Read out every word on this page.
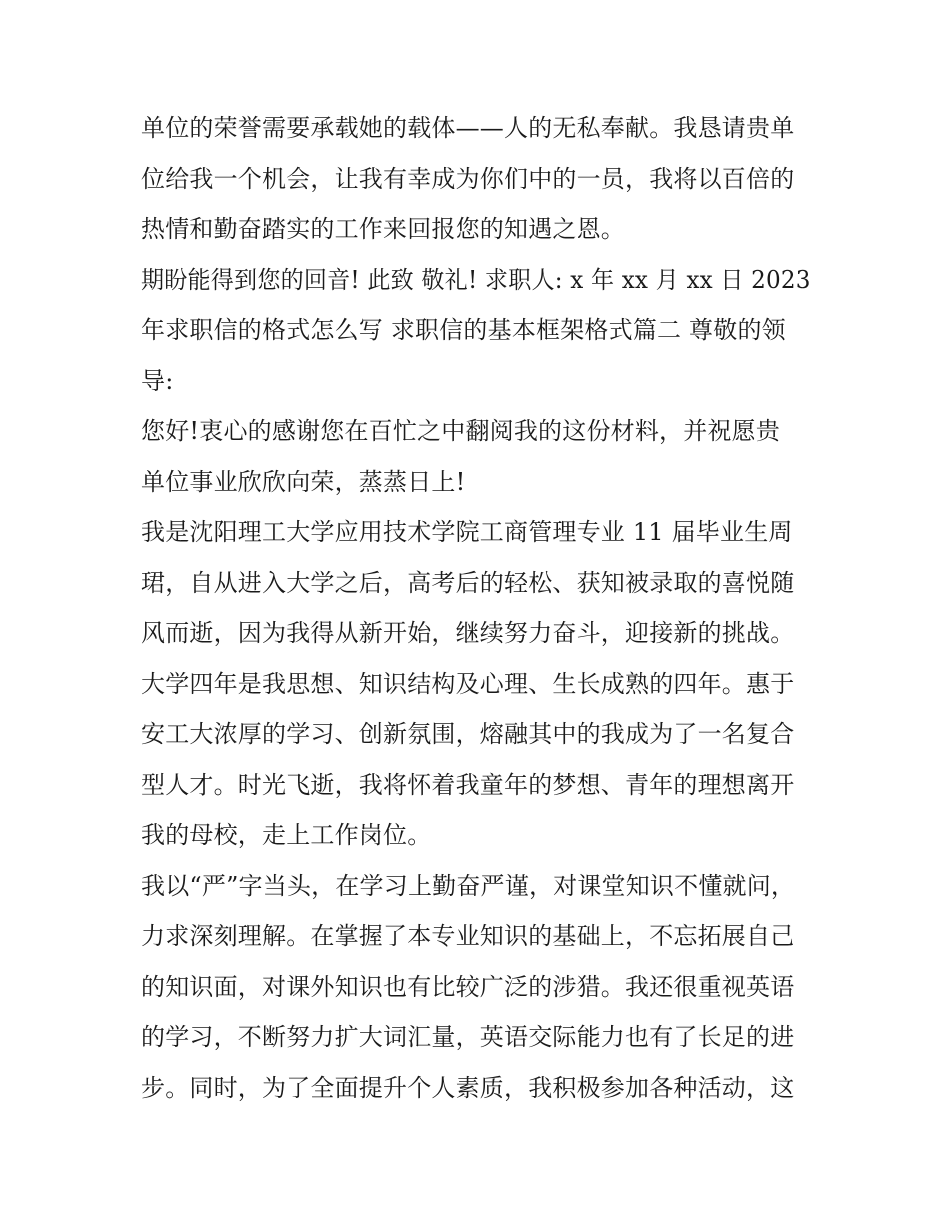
单位的荣誉需要承载她的载体——人的无私奉献。我恳请贵单
位给我一个机会，让我有幸成为你们中的一员，我将以百倍的
热情和勤奋踏实的工作来回报您的知遇之恩。
期盼能得到您的回音! 此致 敬礼! 求职人: x 年 xx 月 xx 日 2023
年求职信的格式怎么写 求职信的基本框架格式篇二 尊敬的领
导:
您好!衷心的感谢您在百忙之中翻阅我的这份材料，并祝愿贵
单位事业欣欣向荣，蒸蒸日上!
我是沈阳理工大学应用技术学院工商管理专业 11 届毕业生周
珺，自从进入大学之后，高考后的轻松、获知被录取的喜悦随
风而逝，因为我得从新开始，继续努力奋斗，迎接新的挑战。
大学四年是我思想、知识结构及心理、生长成熟的四年。惠于
安工大浓厚的学习、创新氛围，熔融其中的我成为了一名复合
型人才。时光飞逝，我将怀着我童年的梦想、青年的理想离开
我的母校，走上工作岗位。
我以“严”字当头，在学习上勤奋严谨，对课堂知识不懂就问，
力求深刻理解。在掌握了本专业知识的基础上，不忘拓展自己
的知识面，对课外知识也有比较广泛的涉猎。我还很重视英语
的学习，不断努力扩大词汇量，英语交际能力也有了长足的进
步。同时，为了全面提升个人素质，我积极参加各种活动，这
